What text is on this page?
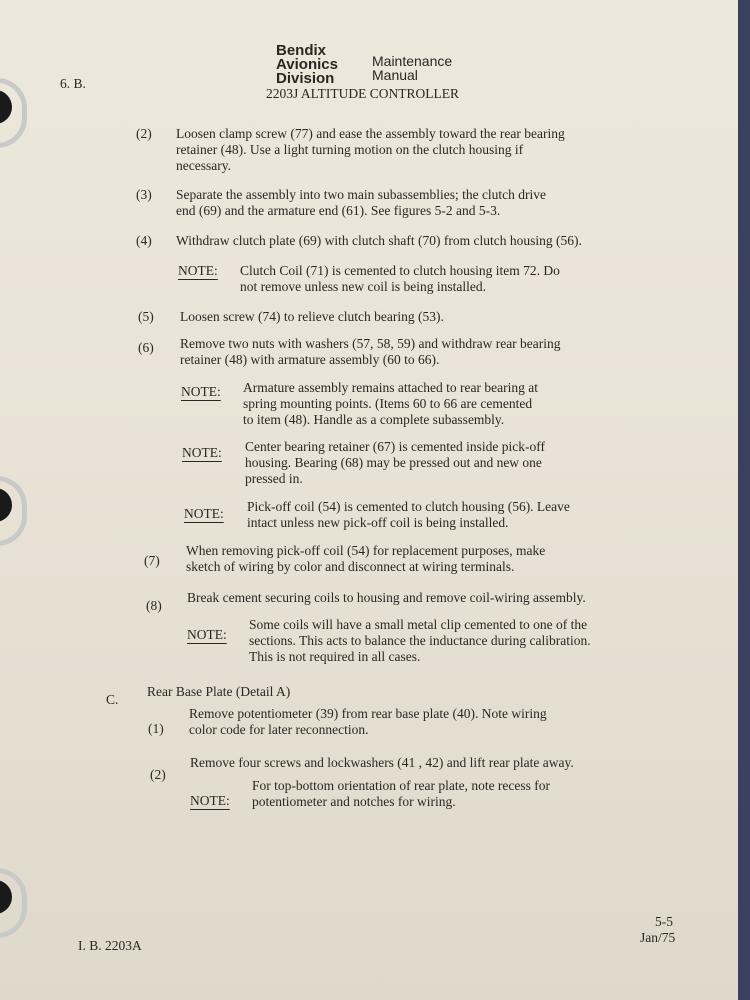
6. B.
Bendix
Avionics
Division
Maintenance
Manual
2203J ALTITUDE CONTROLLER
(2) Loosen clamp screw (77) and ease the assembly toward the rear bearing
retainer (48). Use a light turning motion on the clutch housing if
necessary.
(3) Separate the assembly into two main subassemblies; the clutch drive
end (69) and the armature end (61). See figures 5-2 and 5-3.
(4) Withdraw clutch plate (69) with clutch shaft (70) from clutch housing (56).
NOTE: Clutch Coil (71) is cemented to clutch housing item 72. Do
not remove unless new coil is being installed.
(5) Loosen screw (74) to relieve clutch bearing (53).
(6) Remove two nuts with washers (57, 58, 59) and withdraw rear bearing
retainer (48) with armature assembly (60 to 66).
NOTE: Armature assembly remains attached to rear bearing at
spring mounting points. (Items 60 to 66 are cemented
to item (48). Handle as a complete subassembly.
NOTE: Center bearing retainer (67) is cemented inside pick-off
housing. Bearing (68) may be pressed out and new one
pressed in.
NOTE: Pick-off coil (54) is cemented to clutch housing (56). Leave
intact unless new pick-off coil is being installed.
(7)
When removing pick-off coil (54) for replacement purposes, make
sketch of wiring by color and disconnect at wiring terminals.
(8)
Break cement securing coils to housing and remove coil-wiring assembly.
NOTE:
Some coils will have a small metal clip cemented to one of the
sections. This acts to balance the inductance during calibration.
This is not required in all cases.
C.
Rear Base Plate (Detail A)
(1)
Remove potentiometer (39) from rear base plate (40). Note wiring
color code for later reconnection.
(2)
Remove four screws and lockwashers (41 , 42) and lift rear plate away.
NOTE:
For top-bottom orientation of rear plate, note recess for
potentiometer and notches for wiring.
I. B. 2203A
5-5
Jan/75
